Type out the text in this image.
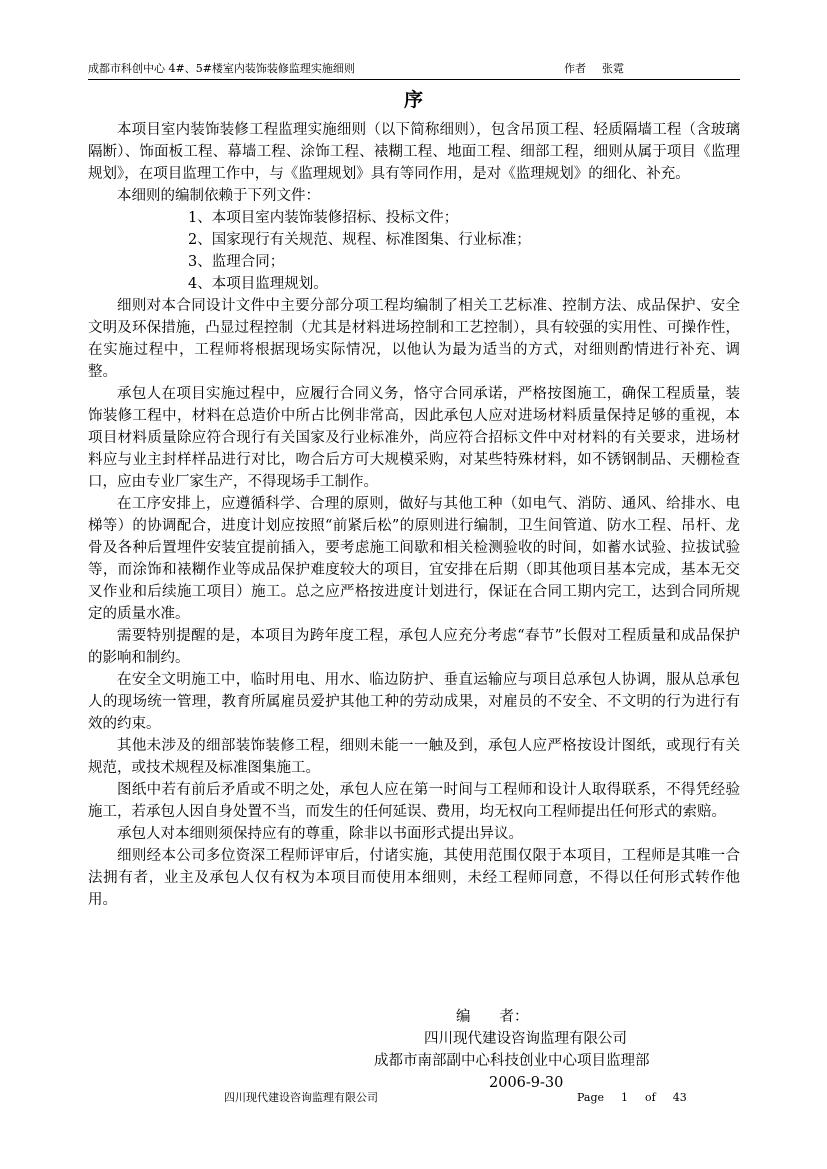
成都市科创中心 4#、5#楼室内装饰装修监理实施细则	作者 张霓
序

本项目室内装饰装修工程监理实施细则（以下简称细则），包含吊顶工程、轻质隔墙工程（含玻璃隔断）、饰面板工程、幕墙工程、涂饰工程、裱糊工程、地面工程、细部工程，细则从属于项目《监理规划》，在项目监理工作中，与《监理规划》具有等同作用，是对《监理规划》的细化、补充。

本细则的编制依赖于下列文件：

1、本项目室内装饰装修招标、投标文件；

2、国家现行有关规范、规程、标准图集、行业标准；

3、监理合同；

4、本项目监理规划。

细则对本合同设计文件中主要分部分项工程均编制了相关工艺标准、控制方法、成品保护、安全文明及环保措施，凸显过程控制（尤其是材料进场控制和工艺控制），具有较强的实用性、可操作性，在实施过程中，工程师将根据现场实际情况，以他认为最为适当的方式，对细则酌情进行补充、调整。

承包人在项目实施过程中，应履行合同义务，恪守合同承诺，严格按图施工，确保工程质量，装饰装修工程中，材料在总造价中所占比例非常高，因此承包人应对进场材料质量保持足够的重视，本项目材料质量除应符合现行有关国家及行业标准外，尚应符合招标文件中对材料的有关要求，进场材料应与业主封样样品进行对比，吻合后方可大规模采购，对某些特殊材料，如不锈钢制品、天棚检查口，应由专业厂家生产，不得现场手工制作。

在工序安排上，应遵循科学、合理的原则，做好与其他工种（如电气、消防、通风、给排水、电梯等）的协调配合，进度计划应按照“前紧后松”的原则进行编制，卫生间管道、防水工程、吊杆、龙骨及各种后置埋件安装宜提前插入，要考虑施工间歇和相关检测验收的时间，如蓄水试验、拉拔试验等，而涂饰和裱糊作业等成品保护难度较大的项目，宜安排在后期（即其他项目基本完成，基本无交叉作业和后续施工项目）施工。总之应严格按进度计划进行，保证在合同工期内完工，达到合同所规定的质量水准。

需要特别提醒的是，本项目为跨年度工程，承包人应充分考虑“春节”长假对工程质量和成品保护的影响和制约。

在安全文明施工中，临时用电、用水、临边防护、垂直运输应与项目总承包人协调，服从总承包人的现场统一管理，教育所属雇员爱护其他工种的劳动成果，对雇员的不安全、不文明的行为进行有效的约束。

其他未涉及的细部装饰装修工程，细则未能一一触及到，承包人应严格按设计图纸，或现行有关规范，或技术规程及标准图集施工。

图纸中若有前后矛盾或不明之处，承包人应在第一时间与工程师和设计人取得联系，不得凭经验施工，若承包人因自身处置不当，而发生的任何延误、费用，均无权向工程师提出任何形式的索赔。

承包人对本细则须保持应有的尊重，除非以书面形式提出异议。

细则经本公司多位资深工程师评审后，付诸实施，其使用范围仅限于本项目，工程师是其唯一合法拥有者，业主及承包人仅有权为本项目而使用本细则，未经工程师同意，不得以任何形式转作他用。

编　　者：
四川现代建设咨询监理有限公司
成都市南部副中心科技创业中心项目监理部
2006-9-30
四川现代建设咨询监理有限公司	Page 1 of 43
